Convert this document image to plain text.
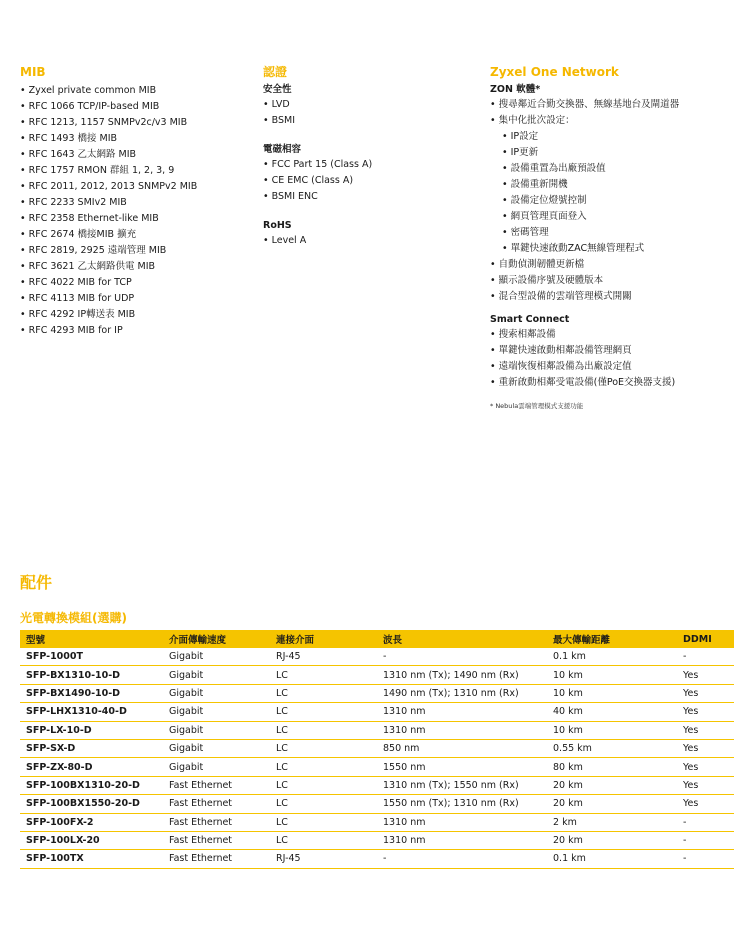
MIB
• Zyxel private common MIB
• RFC 1066 TCP/IP-based MIB
• RFC 1213, 1157 SNMPv2c/v3 MIB
• RFC 1493 橋接 MIB
• RFC 1643 乙太網路 MIB
• RFC 1757 RMON 群組 1, 2, 3, 9
• RFC 2011, 2012, 2013 SNMPv2 MIB
• RFC 2233 SMIv2 MIB
• RFC 2358 Ethernet-like MIB
• RFC 2674 橋接MIB 擴充
• RFC 2819, 2925 遠端管理 MIB
• RFC 3621 乙太網路供電 MIB
• RFC 4022 MIB for TCP
• RFC 4113 MIB for UDP
• RFC 4292 IP轉送表 MIB
• RFC 4293 MIB for IP
認證
安全性
• LVD
• BSMI
電磁相容
• FCC Part 15 (Class A)
• CE EMC (Class A)
• BSMI ENC
RoHS
• Level A
Zyxel One Network
ZON 軟體*
• 搜尋鄰近合勤交換器、無線基地台及閘道器
• 集中化批次設定：
• IP設定
• IP更新
• 設備重置為出廠預設值
• 設備重新開機
• 設備定位燈號控制
• 網頁管理頁面登入
• 密碼管理
• 單鍵快速啟動ZAC無線管理程式
• 自動偵測韌體更新檔
• 顯示設備序號及硬體版本
• 混合型設備的雲端管理模式開關
Smart Connect
• 搜索相鄰設備
• 單鍵快速啟動相鄰設備管理網頁
• 遠端恢復相鄰設備為出廠設定值
• 重新啟動相鄰受電設備(僅PoE交換器支援)
* Nebula雲端管理模式支援功能
配件
光電轉換模組(選購)
型號	介面傳輸速度	連接介面	波長	最大傳輸距離	DDMI
SFP-1000T	Gigabit	RJ-45	-	0.1 km	-
SFP-BX1310-10-D	Gigabit	LC	1310 nm (Tx); 1490 nm (Rx)	10 km	Yes
SFP-BX1490-10-D	Gigabit	LC	1490 nm (Tx); 1310 nm (Rx)	10 km	Yes
SFP-LHX1310-40-D	Gigabit	LC	1310 nm	40 km	Yes
SFP-LX-10-D	Gigabit	LC	1310 nm	10 km	Yes
SFP-SX-D	Gigabit	LC	850 nm	0.55 km	Yes
SFP-ZX-80-D	Gigabit	LC	1550 nm	80 km	Yes
SFP-100BX1310-20-D	Fast Ethernet	LC	1310 nm (Tx); 1550 nm (Rx)	20 km	Yes
SFP-100BX1550-20-D	Fast Ethernet	LC	1550 nm (Tx); 1310 nm (Rx)	20 km	Yes
SFP-100FX-2	Fast Ethernet	LC	1310 nm	2 km	-
SFP-100LX-20	Fast Ethernet	LC	1310 nm	20 km	-
SFP-100TX	Fast Ethernet	RJ-45	-	0.1 km	-
